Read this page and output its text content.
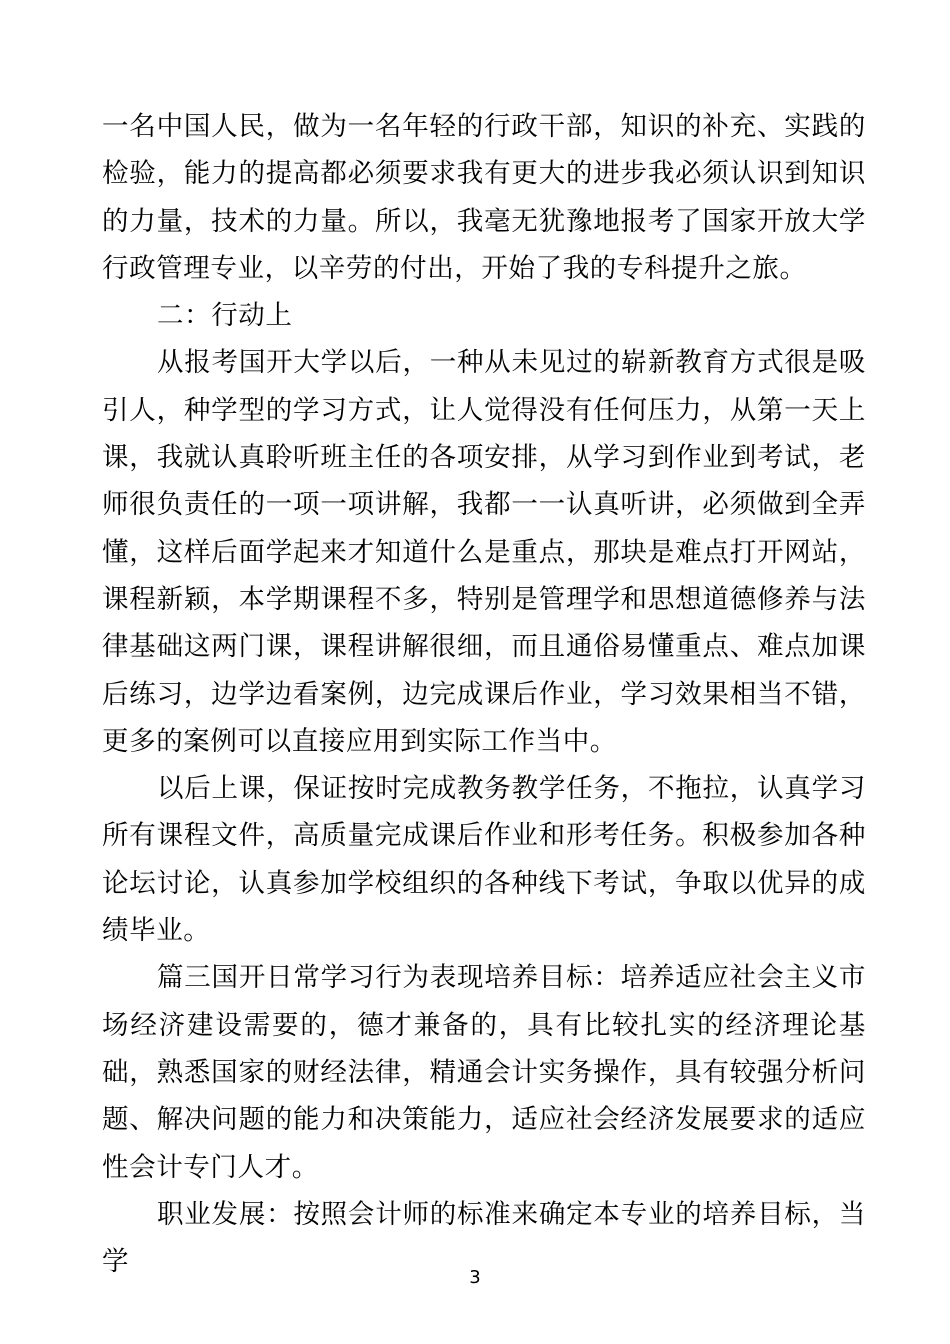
一名中国人民，做为一名年轻的行政干部，知识的补充、实践的检验，能力的提高都必须要求我有更大的进步我必须认识到知识的力量，技术的力量。所以，我毫无犹豫地报考了国家开放大学行政管理专业，以辛劳的付出，开始了我的专科提升之旅。

二：行动上

从报考国开大学以后，一种从未见过的崭新教育方式很是吸引人，种学型的学习方式，让人觉得没有任何压力，从第一天上课，我就认真聆听班主任的各项安排，从学习到作业到考试，老师很负责任的一项一项讲解，我都一一认真听讲，必须做到全弄懂，这样后面学起来才知道什么是重点，那块是难点打开网站，课程新颖，本学期课程不多，特别是管理学和思想道德修养与法律基础这两门课，课程讲解很细，而且通俗易懂重点、难点加课后练习，边学边看案例，边完成课后作业，学习效果相当不错，更多的案例可以直接应用到实际工作当中。

以后上课，保证按时完成教务教学任务，不拖拉，认真学习所有课程文件，高质量完成课后作业和形考任务。积极参加各种论坛讨论，认真参加学校组织的各种线下考试，争取以优异的成绩毕业。

篇三国开日常学习行为表现培养目标：培养适应社会主义市场经济建设需要的，德才兼备的，具有比较扎实的经济理论基础，熟悉国家的财经法律，精通会计实务操作，具有较强分析问题、解决问题的能力和决策能力，适应社会经济发展要求的适应性会计专门人才。

职业发展：按照会计师的标准来确定本专业的培养目标，当学

3
